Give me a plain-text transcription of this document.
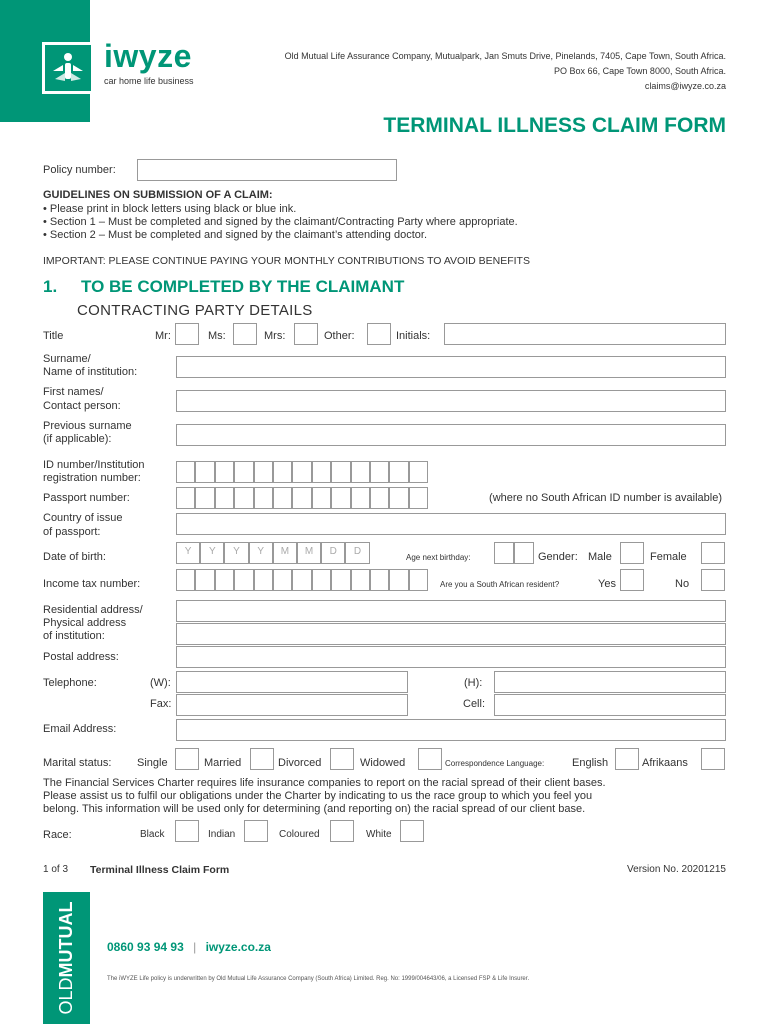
iwyze
car home life business
Old Mutual Life Assurance Company, Mutualpark, Jan Smuts Drive, Pinelands, 7405, Cape Town, South Africa.
PO Box 66, Cape Town 8000, South Africa.
claims@iwyze.co.za
TERMINAL ILLNESS CLAIM FORM
Policy number:
GUIDELINES ON SUBMISSION OF A CLAIM:
• Please print in block letters using black or blue ink.
• Section 1 – Must be completed and signed by the claimant/Contracting Party where appropriate.
• Section 2 – Must be completed and signed by the claimant’s attending doctor.
IMPORTANT: PLEASE CONTINUE PAYING YOUR MONTHLY CONTRIBUTIONS TO AVOID BENEFITS
1. TO BE COMPLETED BY THE CLAIMANT
CONTRACTING PARTY DETAILS
Title	Mr:	Ms:	Mrs:	Other:	Initials:
Surname/
Name of institution:
First names/
Contact person:
Previous surname
(if applicable):
ID number/Institution
registration number:
Passport number:	(where no South African ID number is available)
Country of issue
of passport:
Date of birth:	Y	Y	Y	Y	M	M	D	D
Age next birthday:	Gender: Male	Female
Income tax number:	Are you a South African resident?	Yes	No
Residential address/
Physical address
of institution:
Postal address:
Telephone:	(W):	(H):
Fax:	Cell:
Email Address:
Marital status: Single	Married	Divorced	Widowed	Correspondence Language:	English	Afrikaans
The Financial Services Charter requires life insurance companies to report on the racial spread of their client bases.
Please assist us to fulfil our obligations under the Charter by indicating to us the race group to which you feel you
belong. This information will be used only for determining (and reporting on) the racial spread of our client base.
Race:	Black	Indian	Coloured	White
1 of 3 Terminal Illness Claim Form	Version No. 20201215
OLDMUTUAL	0860 93 94 93 | iwyze.co.za
The iWYZE Life policy is underwritten by Old Mutual Life Assurance Company (South Africa) Limited. Reg. No: 1999/004643/06, a Licensed FSP & Life Insurer.
